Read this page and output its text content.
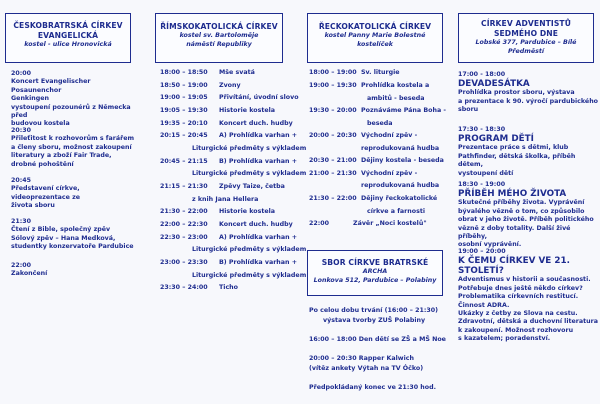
ČESKOBRATRSKÁ CÍRKEV
EVANGELICKÁ
kostel - ulice Hronovická
20:00
Koncert Evangelischer Posaunenchor
Genkingen
vystoupení pozounérů z Německa před
budovou kostela
20:30
Přileťitost k rozhovorům s farářem
a členy sboru, možnost zakoupení
literatury a zboží Fair Trade,
drobné pohoštění
20:45
Představení církve, videoprezentace ze
života sboru
21:30
Čtení z Bible, společný zpěv
Sólový zpěv – Hana Medková,
studentky konzervatoře Pardubice
22:00
Zakončení
ŘÍMSKOKATOLICKÁ CÍRKEV
kostel sv. Bartoloměje
náměstí Republiky
18:00 – 18:50 Mše svatá
18:50 – 19:00 Zvony
19:00 – 19:05 Přivítání, úvodní slovo
19:05 – 19:30 Historie kostela
19:35 – 20:10 Koncert duch. hudby
20:15 – 20:45 A) Prohlídka varhan +
Liturgické předměty s výkladem
20:45 – 21:15 B) Prohlídka varhan +
Liturgické předměty s výkladem
21:15 – 21:30 Zpěvy Taize, četba
z knih Jana Hellera
21:30 – 22:00 Historie kostela
22:00 – 22:30 Koncert duch. hudby
22:30 – 23:00 A) Prohlídka varhan +
Liturgické předměty s výkladem
23:00 – 23:30 B) Prohlídka varhan +
Liturgické předměty s výkladem
23:30 – 24:00 Ticho
ŘECKOKATOLICKÁ CÍRKEV
kostel Panny Marie Bolestné
kostelíček
18:00 – 19:00 Sv. liturgie
19:00 – 19:30 Prohlídka kostela a
ambitů - beseda
19:30 – 20:00 Poznáváme Pána Boha -
beseda
20:00 – 20:30 Východní zpěv -
reprodukovaná hudba
20:30 – 21:00 Dějiny kostela - beseda
21:00 – 21:30 Východní zpěv -
reprodukovaná hudba
21:30 – 22:00 Dějiny řeckokatolické
církve a farnosti
22:00	Závěr „Noci kostelů"
SBOR CÍRKVE BRATRSKÉ
ARCHA
Lonkova 512, Pardubice – Polabiny
Po celou dobu trvání (16:00 – 21:30)
výstava tvorby ZUŠ Polabiny
16:00 – 18:00 Den dětí se ZŠ a MŠ Noe
20:00 – 20:30 Rapper Kalwich
(vítěz ankety Výtah na TV Óčko)
Předpokládaný konec ve 21:30 hod.
CÍRKEV ADVENTISTŮ
SEDMÉHO DNE
Lobské 377, Pardubice – Bílé Předměstí
17:00 - 18:00
DEVADESÁTKA
Prohlídka prostor sboru, výstava
a prezentace k 90. výročí pardubického
sboru
17:30 - 18:30
PROGRAM DĚTÍ
Prezentace práce s dětmi, klub
Pathfinder, dětská školka, příběh dětem,
vystoupení dětí
18:30 - 19:00
PŘÍBĚH MÉHO ŽIVOTA
Skutečné příběhy života. Vyprávění
bývalého vězně o tom, co způsobilo
obrat v jeho životě. Příběh politického
vězně z doby totality. Další živé příběhy,
osobní vyprávění.
19:00 – 20:00
K ČEMU CÍRKEV VE 21. STOLETÍ?
Adventismus v historii a současnosti.
Potřebuje dnes ještě někdo církev?
Problematika církevních restitucí.
Činnost ADRA.
Ukázky z četby ze Slova na cestu.
Zdravotní, dětská a duchovní literatura
k zakoupení. Možnost rozhovoru
s kazatelem; poradenství.
